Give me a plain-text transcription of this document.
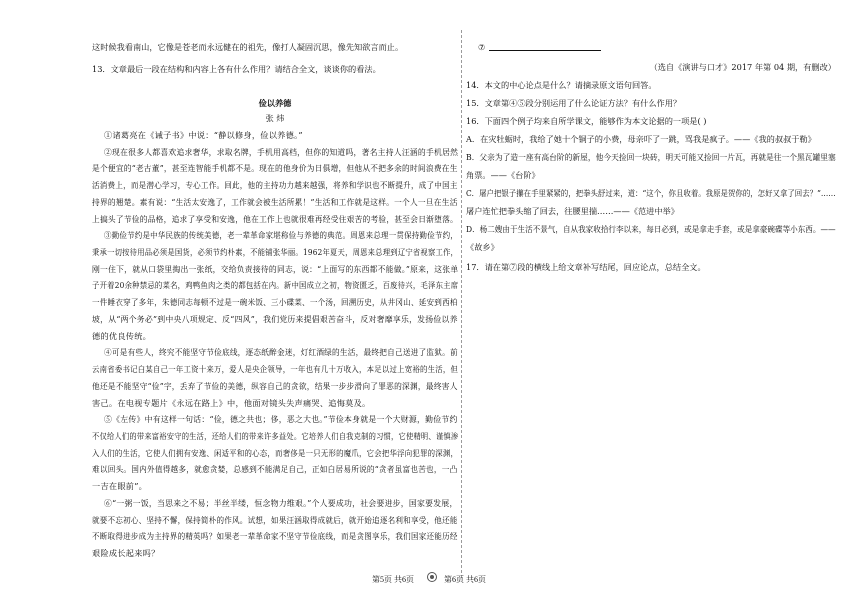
这时候我看南山，它像是苍老而永远健在的祖先，像打人凝固沉思，像先知欲言而止。
13．文章最后一段在结构和内容上各有什么作用？请结合全文，谈谈你的看法。
俭以养德
张 炜
①诸葛亮在《诫子书》中说：“静以修身，俭以养德。”
②现在很多人都喜欢追求奢华，求取名牌，手机用高档，但你的知道吗，著名主持人汪涵的手机居然
是个便宜的“老古董”，甚至连智能手机都不是。现在的他身价为日俱增，但他从不把多余的时间浪费在生
活消费上，而是潜心学习，专心工作。回此，他的主持功力越来越强，将养和学识也不断提升，成了中国主
持界的翘楚。素有说：“生活太安逸了，工作就会被生活所累！”生活和工作就是这样。一个人一旦在生活
上搞头了节俭的品格，追求了享受和安逸，他在工作上也就很难再经受住艰苦的考验，甚至会日渐堕落。
③勤俭节约是中华民族的传统美德，老一辈革命家堪称俭与养德的典范。周恩来总理一贯保持勤俭节约，
秉承一切按待用品必须是国货，必须节约朴素，不能铺张华丽。1962年夏天，周恩来总理到辽宁省视察工作，
刚一住下，就从口袋里掏出一张纸，交给负责接待的同志，说：“上面写的东西都不能做。”原来，这张单
子开着20余种禁忌的菜名，鸡鸭鱼肉之类的都包括在内。新中国成立之初，物资匮乏，百废待兴，毛泽东主席
一件睡衣穿了多年，朱德同志每顿不过是一碗米饭、三小碟菜、一个汤，回溯历史，从井冈山、延安到西柏
坡，从“两个务必”到中央八项规定、反“四风”，我们党历来提倡艰苦奋斗，反对奢靡享乐，发扬俭以养
德的优良传统。
④可是有些人，终究不能坚守节俭底线，逐态纸醉金迷，灯红酒绿的生活，最终把自己送进了监狱。前
云南省委书记白某自己一年工资十来万，爱人是央企领导，一年也有几十万收入，本足以过上宽裕的生活，但
他还是不能坚守“俭”字，丢弃了节俭的美德，纵容自己的贪欲，结果一步步滑向了罪恶的深渊，最终害人
害己。在电视专题片《永远在路上》中，他面对镜头失声痛哭、追悔莫及。
⑤《左传》中有这样一句话：“俭，德之共也；侈，恶之大也。”节俭本身就是一个大财源，勤俭节约
不仅给人们的带来富裕安守的生活，还给人们的带来许多益处。它培养人们自我克制的习惯，它使精明、谨慎渗
入人们的生活，它使人们拥有安逸、闲适平和的心态，而奢侈是一只无形的魔爪，它会把华浮向犯罪的深渊，
难以回头。国内外值得越多，就愈贪婪，总感到不能满足自己，正如白居易所说的“贪者虽富也苦也，一凸
一吉在眼前”。
⑥“一粥一饭，当思来之不易；半丝半缕，恒念物力维艰。”个人要成功，社会要进步，国家要发展，
就要不忘初心、坚持不懈，保持简朴的作风。试想，如果汪涵取得成就后，就开始追逐名利和享受，他还能
不断取得进步成为主持界的精英吗？如果老一辈革命家不坚守节俭底线，而是贪图享乐，我们国家还能历经
艰险成长起来吗？
⑦
（选自《演讲与口才》2017 年第 04 期，有删改）
14．本文的中心论点是什么？请摘录原文语句回答。
15．文章第④⑤段分别运用了什么论证方法？有什么作用？
16．下面四个例子均来自所学课文，能够作为本文论据的一项是( )
A．在灾牡蛎时，我给了她十个铜子的小费，母亲吓了一跳，骂我是疯子。——《我的叔叔于勒》
B．父亲为了造一座有高台阶的新屋，他今天捡回一块砖，明天可能又捡回一片瓦，再就是往一个黑瓦罐里塞
角票。——《台阶》
C．屠户把银子攥在手里紧紧的，把拳头舒过来，道：“这个，你且收着。我原是贺你的，怎好又拿了回去？”……
屠户连忙把拳头缩了回去，往腰里揣……——《范进中举》
D．杨二嫂由于生活不景气，自从我家收拾行李以来，每日必到，或是拿走手套，或是拿豪碗碟等小东西。——
《故乡》
17．请在第⑦段的横线上给文章补写结尾，回应论点，总结全文。
第5页 共6页	第6页 共6页
